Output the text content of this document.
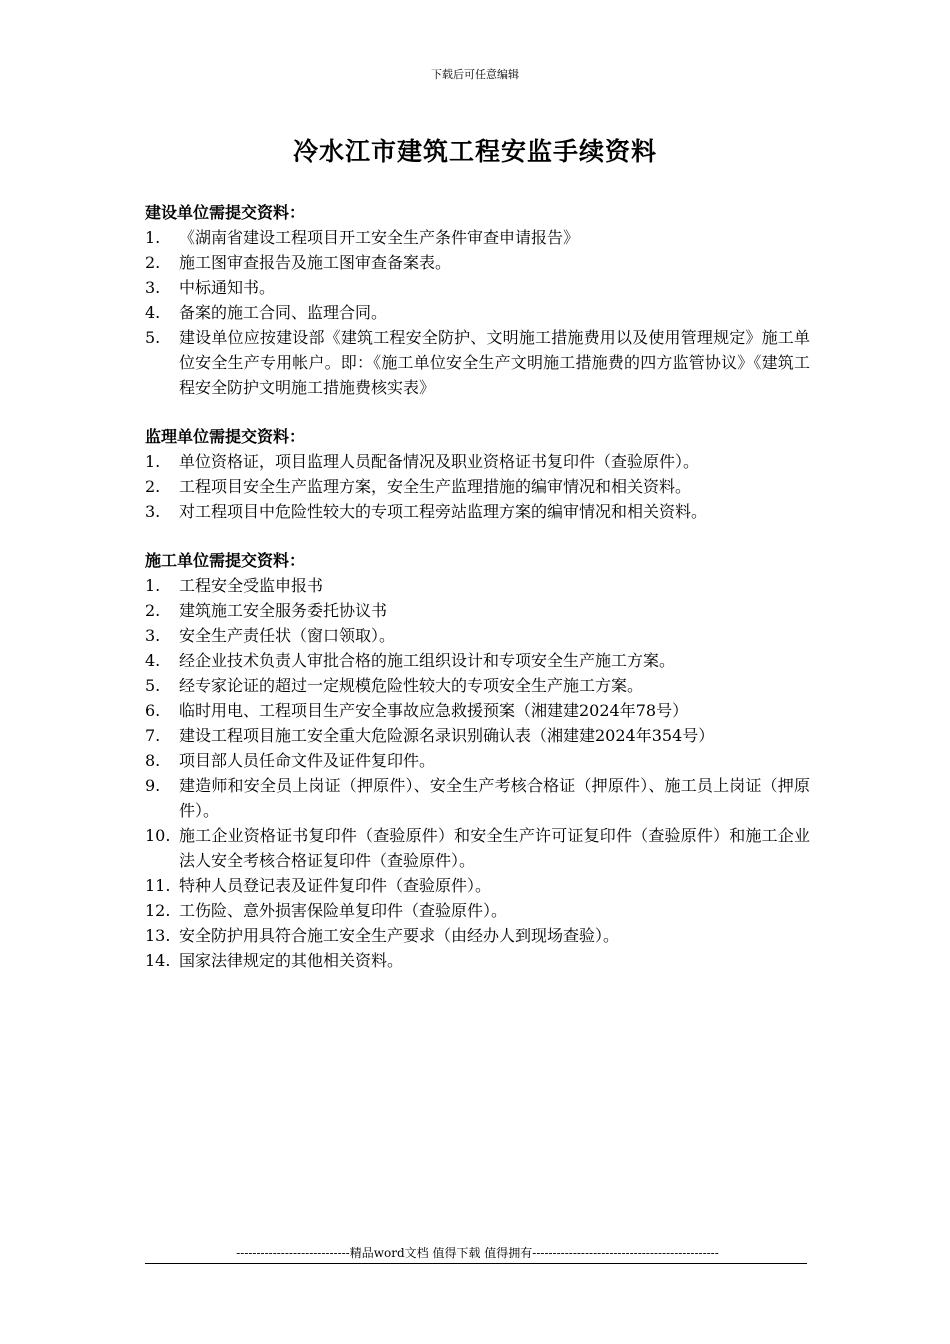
下载后可任意编辑
冷水江市建筑工程安监手续资料
建设单位需提交资料：
1.	《湖南省建设工程项目开工安全生产条件审查申请报告》
2.	施工图审查报告及施工图审查备案表。
3.	中标通知书。
4.	备案的施工合同、监理合同。
5.	建设单位应按建设部《建筑工程安全防护、文明施工措施费用以及使用管理规定》施工单位安全生产专用帐户。即：《施工单位安全生产文明施工措施费的四方监管协议》《建筑工程安全防护文明施工措施费核实表》
监理单位需提交资料：
1.	单位资格证，项目监理人员配备情况及职业资格证书复印件（查验原件）。
2.	工程项目安全生产监理方案，安全生产监理措施的编审情况和相关资料。
3.	对工程项目中危险性较大的专项工程旁站监理方案的编审情况和相关资料。
施工单位需提交资料：
1.	工程安全受监申报书
2.	建筑施工安全服务委托协议书
3.	安全生产责任状（窗口领取）。
4.	经企业技术负责人审批合格的施工组织设计和专项安全生产施工方案。
5.	经专家论证的超过一定规模危险性较大的专项安全生产施工方案。
6.	临时用电、工程项目生产安全事故应急救援预案（湘建建2024年78号）
7.	建设工程项目施工安全重大危险源名录识别确认表（湘建建2024年354号）
8.	项目部人员任命文件及证件复印件。
9.	建造师和安全员上岗证（押原件）、安全生产考核合格证（押原件）、施工员上岗证（押原件）。
10. 施工企业资格证书复印件（查验原件）和安全生产许可证复印件（查验原件）和施工企业法人安全考核合格证复印件（查验原件）。
11. 特种人员登记表及证件复印件（查验原件）。
12. 工伤险、意外损害保险单复印件（查验原件）。
13. 安全防护用具符合施工安全生产要求（由经办人到现场查验）。
14. 国家法律规定的其他相关资料。
----------------------------精品word文档 值得下载 值得拥有----------------------------------------------
